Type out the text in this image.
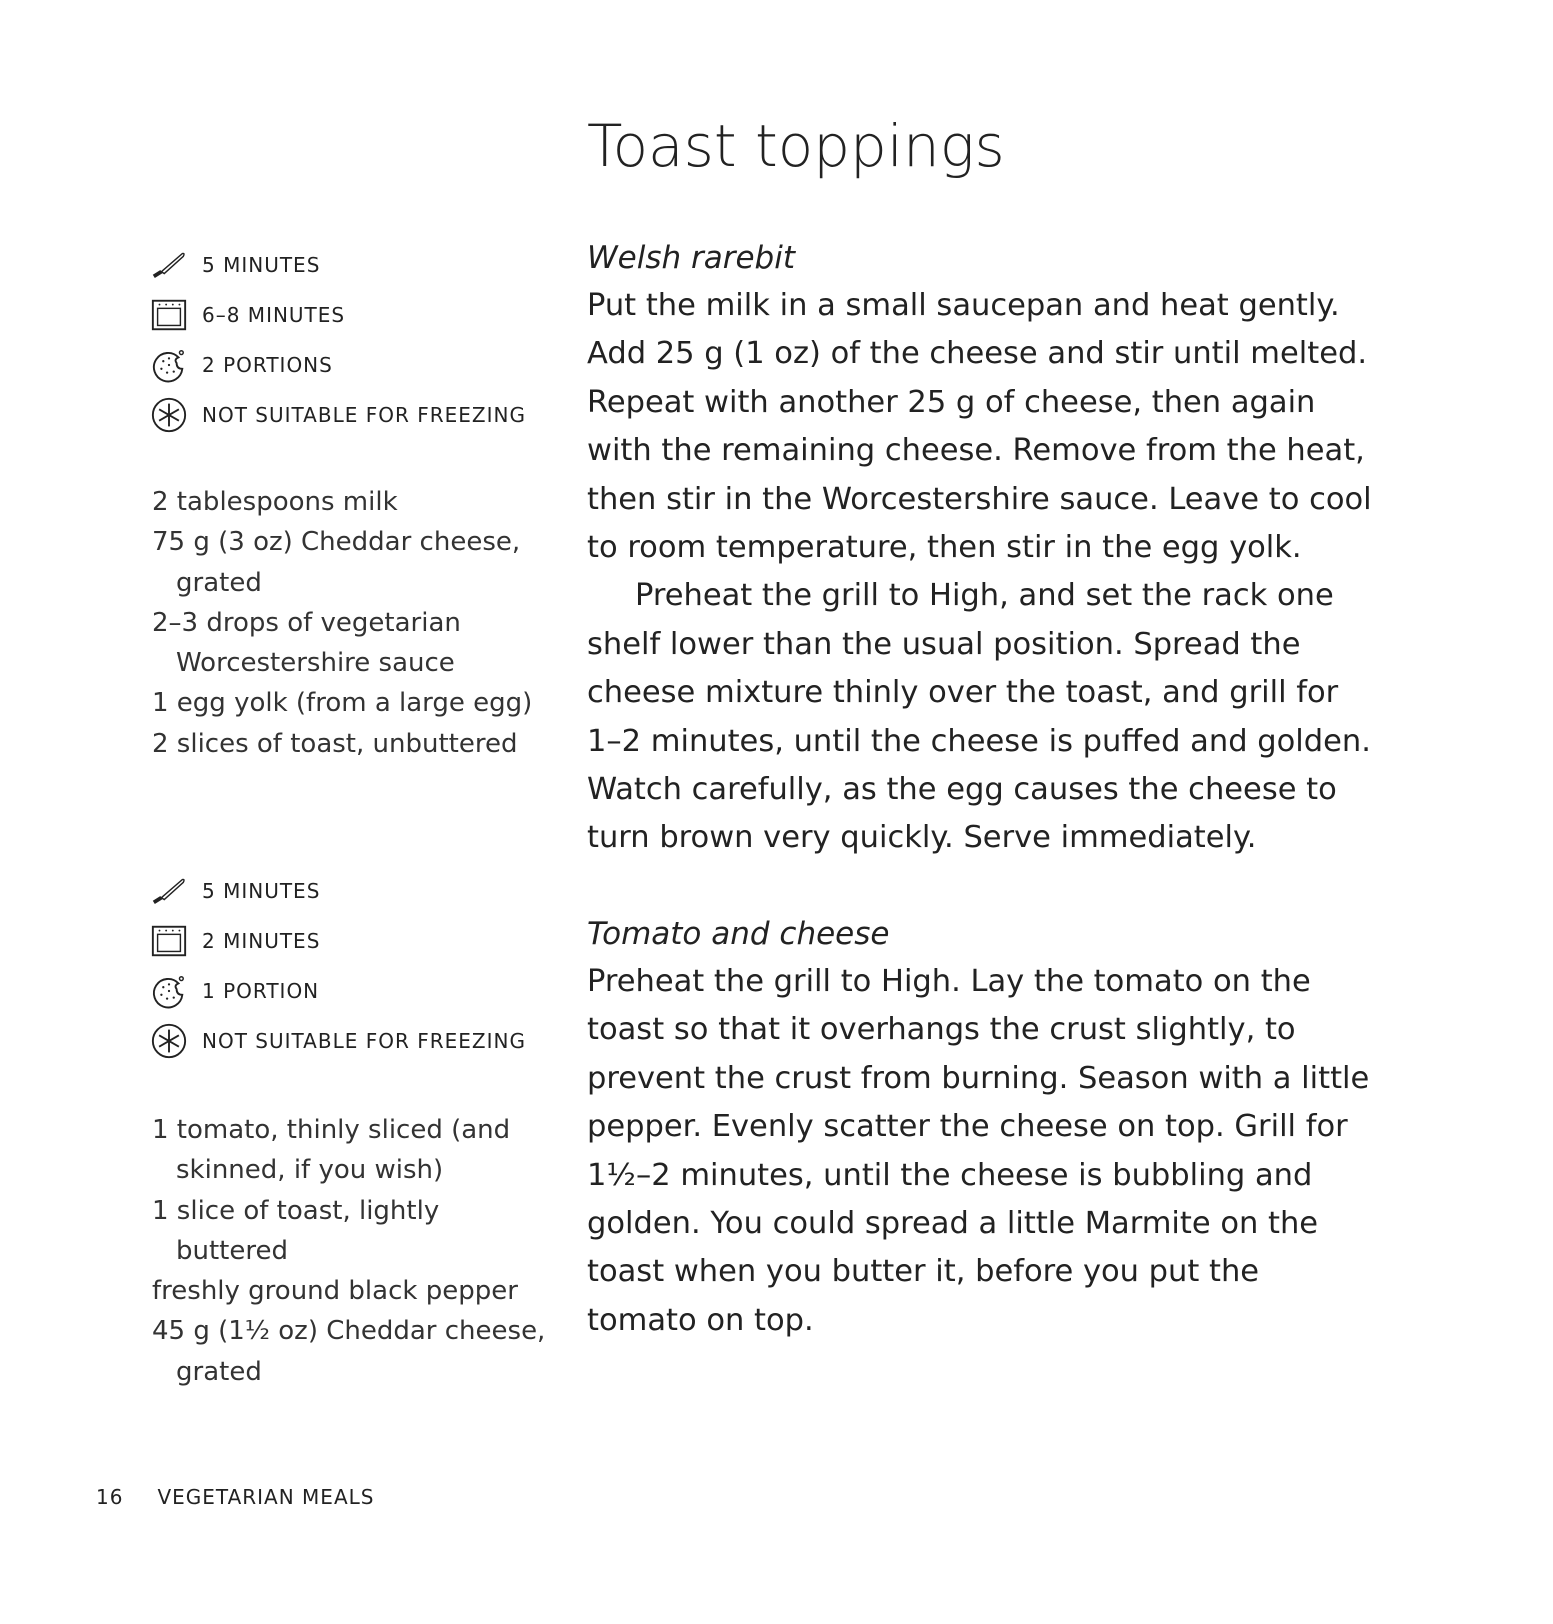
Toast toppings
5 MINUTES
6–8 MINUTES
2 PORTIONS
NOT SUITABLE FOR FREEZING
2 tablespoons milk
75 g (3 oz) Cheddar cheese, grated
2–3 drops of vegetarian Worcestershire sauce
1 egg yolk (from a large egg)
2 slices of toast, unbuttered
Welsh rarebit

Put the milk in a small saucepan and heat gently. Add 25 g (1 oz) of the cheese and stir until melted. Repeat with another 25 g of cheese, then again with the remaining cheese. Remove from the heat, then stir in the Worcestershire sauce. Leave to cool to room temperature, then stir in the egg yolk.

Preheat the grill to High, and set the rack one shelf lower than the usual position. Spread the cheese mixture thinly over the toast, and grill for 1–2 minutes, until the cheese is puffed and golden. Watch carefully, as the egg causes the cheese to turn brown very quickly. Serve immediately.

5 MINUTES
2 MINUTES
1 PORTION
NOT SUITABLE FOR FREEZING
1 tomato, thinly sliced (and skinned, if you wish)
1 slice of toast, lightly buttered
freshly ground black pepper
45 g (1½ oz) Cheddar cheese, grated
Tomato and cheese

Preheat the grill to High. Lay the tomato on the toast so that it overhangs the crust slightly, to prevent the crust from burning. Season with a little pepper. Evenly scatter the cheese on top. Grill for 1½–2 minutes, until the cheese is bubbling and golden. You could spread a little Marmite on the toast when you butter it, before you put the tomato on top.

16 VEGETARIAN MEALS
